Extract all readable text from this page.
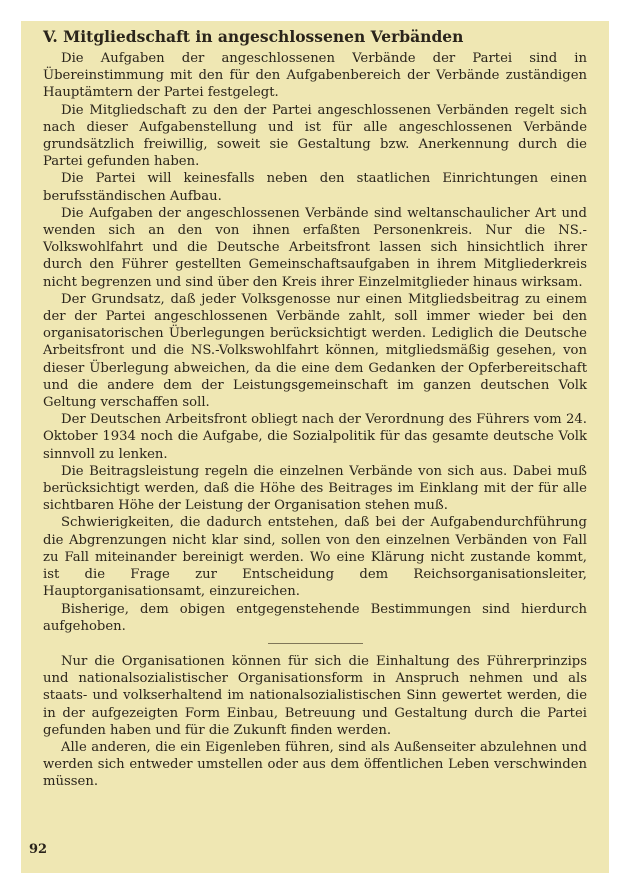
V. Mitgliedschaft in angeschlossenen Verbänden

Die Aufgaben der angeschlossenen Verbände der Partei sind in Übereinstimmung mit den für den Aufgabenbereich der Verbände zuständigen Hauptämtern der Partei festgelegt.

Die Mitgliedschaft zu den der Partei angeschlossenen Verbänden regelt sich nach dieser Aufgabenstellung und ist für alle angeschlossenen Verbände grundsätzlich freiwillig, soweit sie Gestaltung bzw. Anerkennung durch die Partei gefunden haben.

Die Partei will keinesfalls neben den staatlichen Einrichtungen einen berufsständischen Aufbau.

Die Aufgaben der angeschlossenen Verbände sind weltanschaulicher Art und wenden sich an den von ihnen erfaßten Personenkreis. Nur die NS.-Volkswohlfahrt und die Deutsche Arbeitsfront lassen sich hinsichtlich ihrer durch den Führer gestellten Gemeinschaftsaufgaben in ihrem Mitgliederkreis nicht begrenzen und sind über den Kreis ihrer Einzelmitglieder hinaus wirksam.

Der Grundsatz, daß jeder Volksgenosse nur einen Mitgliedsbeitrag zu einem der der Partei angeschlossenen Verbände zahlt, soll immer wieder bei den organisatorischen Überlegungen berücksichtigt werden. Lediglich die Deutsche Arbeitsfront und die NS.-Volkswohlfahrt können, mitgliedsmäßig gesehen, von dieser Überlegung abweichen, da die eine dem Gedanken der Opferbereitschaft und die andere dem der Leistungsgemeinschaft im ganzen deutschen Volk Geltung verschaffen soll.

Der Deutschen Arbeitsfront obliegt nach der Verordnung des Führers vom 24. Oktober 1934 noch die Aufgabe, die Sozialpolitik für das gesamte deutsche Volk sinnvoll zu lenken.

Die Beitragsleistung regeln die einzelnen Verbände von sich aus. Dabei muß berücksichtigt werden, daß die Höhe des Beitrages im Einklang mit der für alle sichtbaren Höhe der Leistung der Organisation stehen muß.

Schwierigkeiten, die dadurch entstehen, daß bei der Aufgabendurchführung die Abgrenzungen nicht klar sind, sollen von den einzelnen Verbänden von Fall zu Fall miteinander bereinigt werden. Wo eine Klärung nicht zustande kommt, ist die Frage zur Entscheidung dem Reichsorganisationsleiter, Hauptorganisationsamt, einzureichen.

Bisherige, dem obigen entgegenstehende Bestimmungen sind hierdurch aufgehoben.

Nur die Organisationen können für sich die Einhaltung des Führerprinzips und nationalsozialistischer Organisationsform in Anspruch nehmen und als staats- und volkserhaltend im nationalsozialistischen Sinn gewertet werden, die in der aufgezeigten Form Einbau, Betreuung und Gestaltung durch die Partei gefunden haben und für die Zukunft finden werden.

Alle anderen, die ein Eigenleben führen, sind als Außenseiter abzulehnen und werden sich entweder umstellen oder aus dem öffentlichen Leben verschwinden müssen.

92
